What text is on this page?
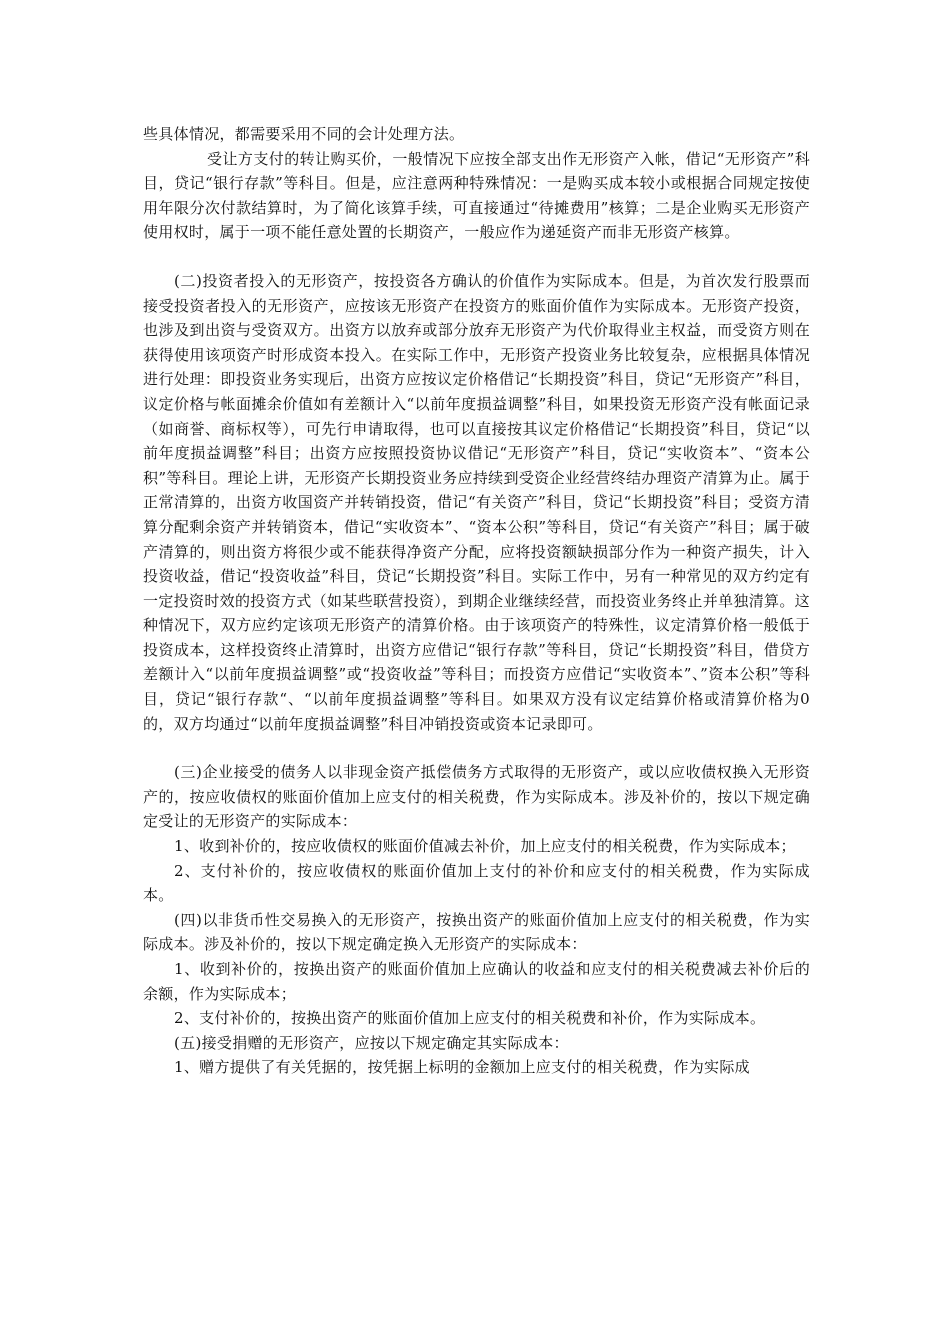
些具体情况，都需要采用不同的会计处理方法。

受让方支付的转让购买价，一般情况下应按全部支出作无形资产入帐，借记“无形资产”科目，贷记“银行存款”等科目。但是，应注意两种特殊情况：一是购买成本较小或根据合同规定按使用年限分次付款结算时，为了简化该算手续，可直接通过“待摊费用”核算；二是企业购买无形资产使用权时，属于一项不能任意处置的长期资产，一般应作为递延资产而非无形资产核算。

(二)投资者投入的无形资产，按投资各方确认的价值作为实际成本。但是，为首次发行股票而接受投资者投入的无形资产，应按该无形资产在投资方的账面价值作为实际成本。无形资产投资，也涉及到出资与受资双方。出资方以放弃或部分放弃无形资产为代价取得业主权益，而受资方则在获得使用该项资产时形成资本投入。在实际工作中，无形资产投资业务比较复杂，应根据具体情况进行处理：即投资业务实现后，出资方应按议定价格借记“长期投资”科目，贷记“无形资产”科目，议定价格与帐面摊余价值如有差额计入“以前年度损益调整”科目，如果投资无形资产没有帐面记录（如商誉、商标权等），可先行申请取得，也可以直接按其议定价格借记“长期投资”科目，贷记“以前年度损益调整”科目；出资方应按照投资协议借记“无形资产”科目，贷记“实收资本”、“资本公积”等科目。理论上讲，无形资产长期投资业务应持续到受资企业经营终结办理资产清算为止。属于正常清算的，出资方收国资产并转销投资，借记“有关资产”科目，贷记“长期投资”科目；受资方清算分配剩余资产并转销资本，借记“实收资本”、“资本公积”等科目，贷记“有关资产”科目；属于破产清算的，则出资方将很少或不能获得净资产分配，应将投资额缺损部分作为一种资产损失，计入投资收益，借记“投资收益”科目，贷记“长期投资”科目。实际工作中，另有一种常见的双方约定有一定投资时效的投资方式（如某些联营投资），到期企业继续经营，而投资业务终止并单独清算。这种情况下，双方应约定该项无形资产的清算价格。由于该项资产的特殊性，议定清算价格一般低于投资成本，这样投资终止清算时，出资方应借记“银行存款”等科目，贷记“长期投资”科目，借贷方差额计入“以前年度损益调整”或“投资收益”等科目；而投资方应借记“实收资本”、”资本公积”等科目，贷记“银行存款“、“以前年度损益调整”等科目。如果双方没有议定结算价格或清算价格为0的，双方均通过“以前年度损益调整”科目冲销投资或资本记录即可。

(三)企业接受的债务人以非现金资产抵偿债务方式取得的无形资产，或以应收债权换入无形资产的，按应收债权的账面价值加上应支付的相关税费，作为实际成本。涉及补价的，按以下规定确定受让的无形资产的实际成本：

1、收到补价的，按应收债权的账面价值减去补价，加上应支付的相关税费，作为实际成本；

2、支付补价的，按应收债权的账面价值加上支付的补价和应支付的相关税费，作为实际成本。

(四)以非货币性交易换入的无形资产，按换出资产的账面价值加上应支付的相关税费，作为实际成本。涉及补价的，按以下规定确定换入无形资产的实际成本：

1、收到补价的，按换出资产的账面价值加上应确认的收益和应支付的相关税费减去补价后的余额，作为实际成本；

2、支付补价的，按换出资产的账面价值加上应支付的相关税费和补价，作为实际成本。

(五)接受捐赠的无形资产，应按以下规定确定其实际成本：

1、赠方提供了有关凭据的，按凭据上标明的金额加上应支付的相关税费，作为实际成
